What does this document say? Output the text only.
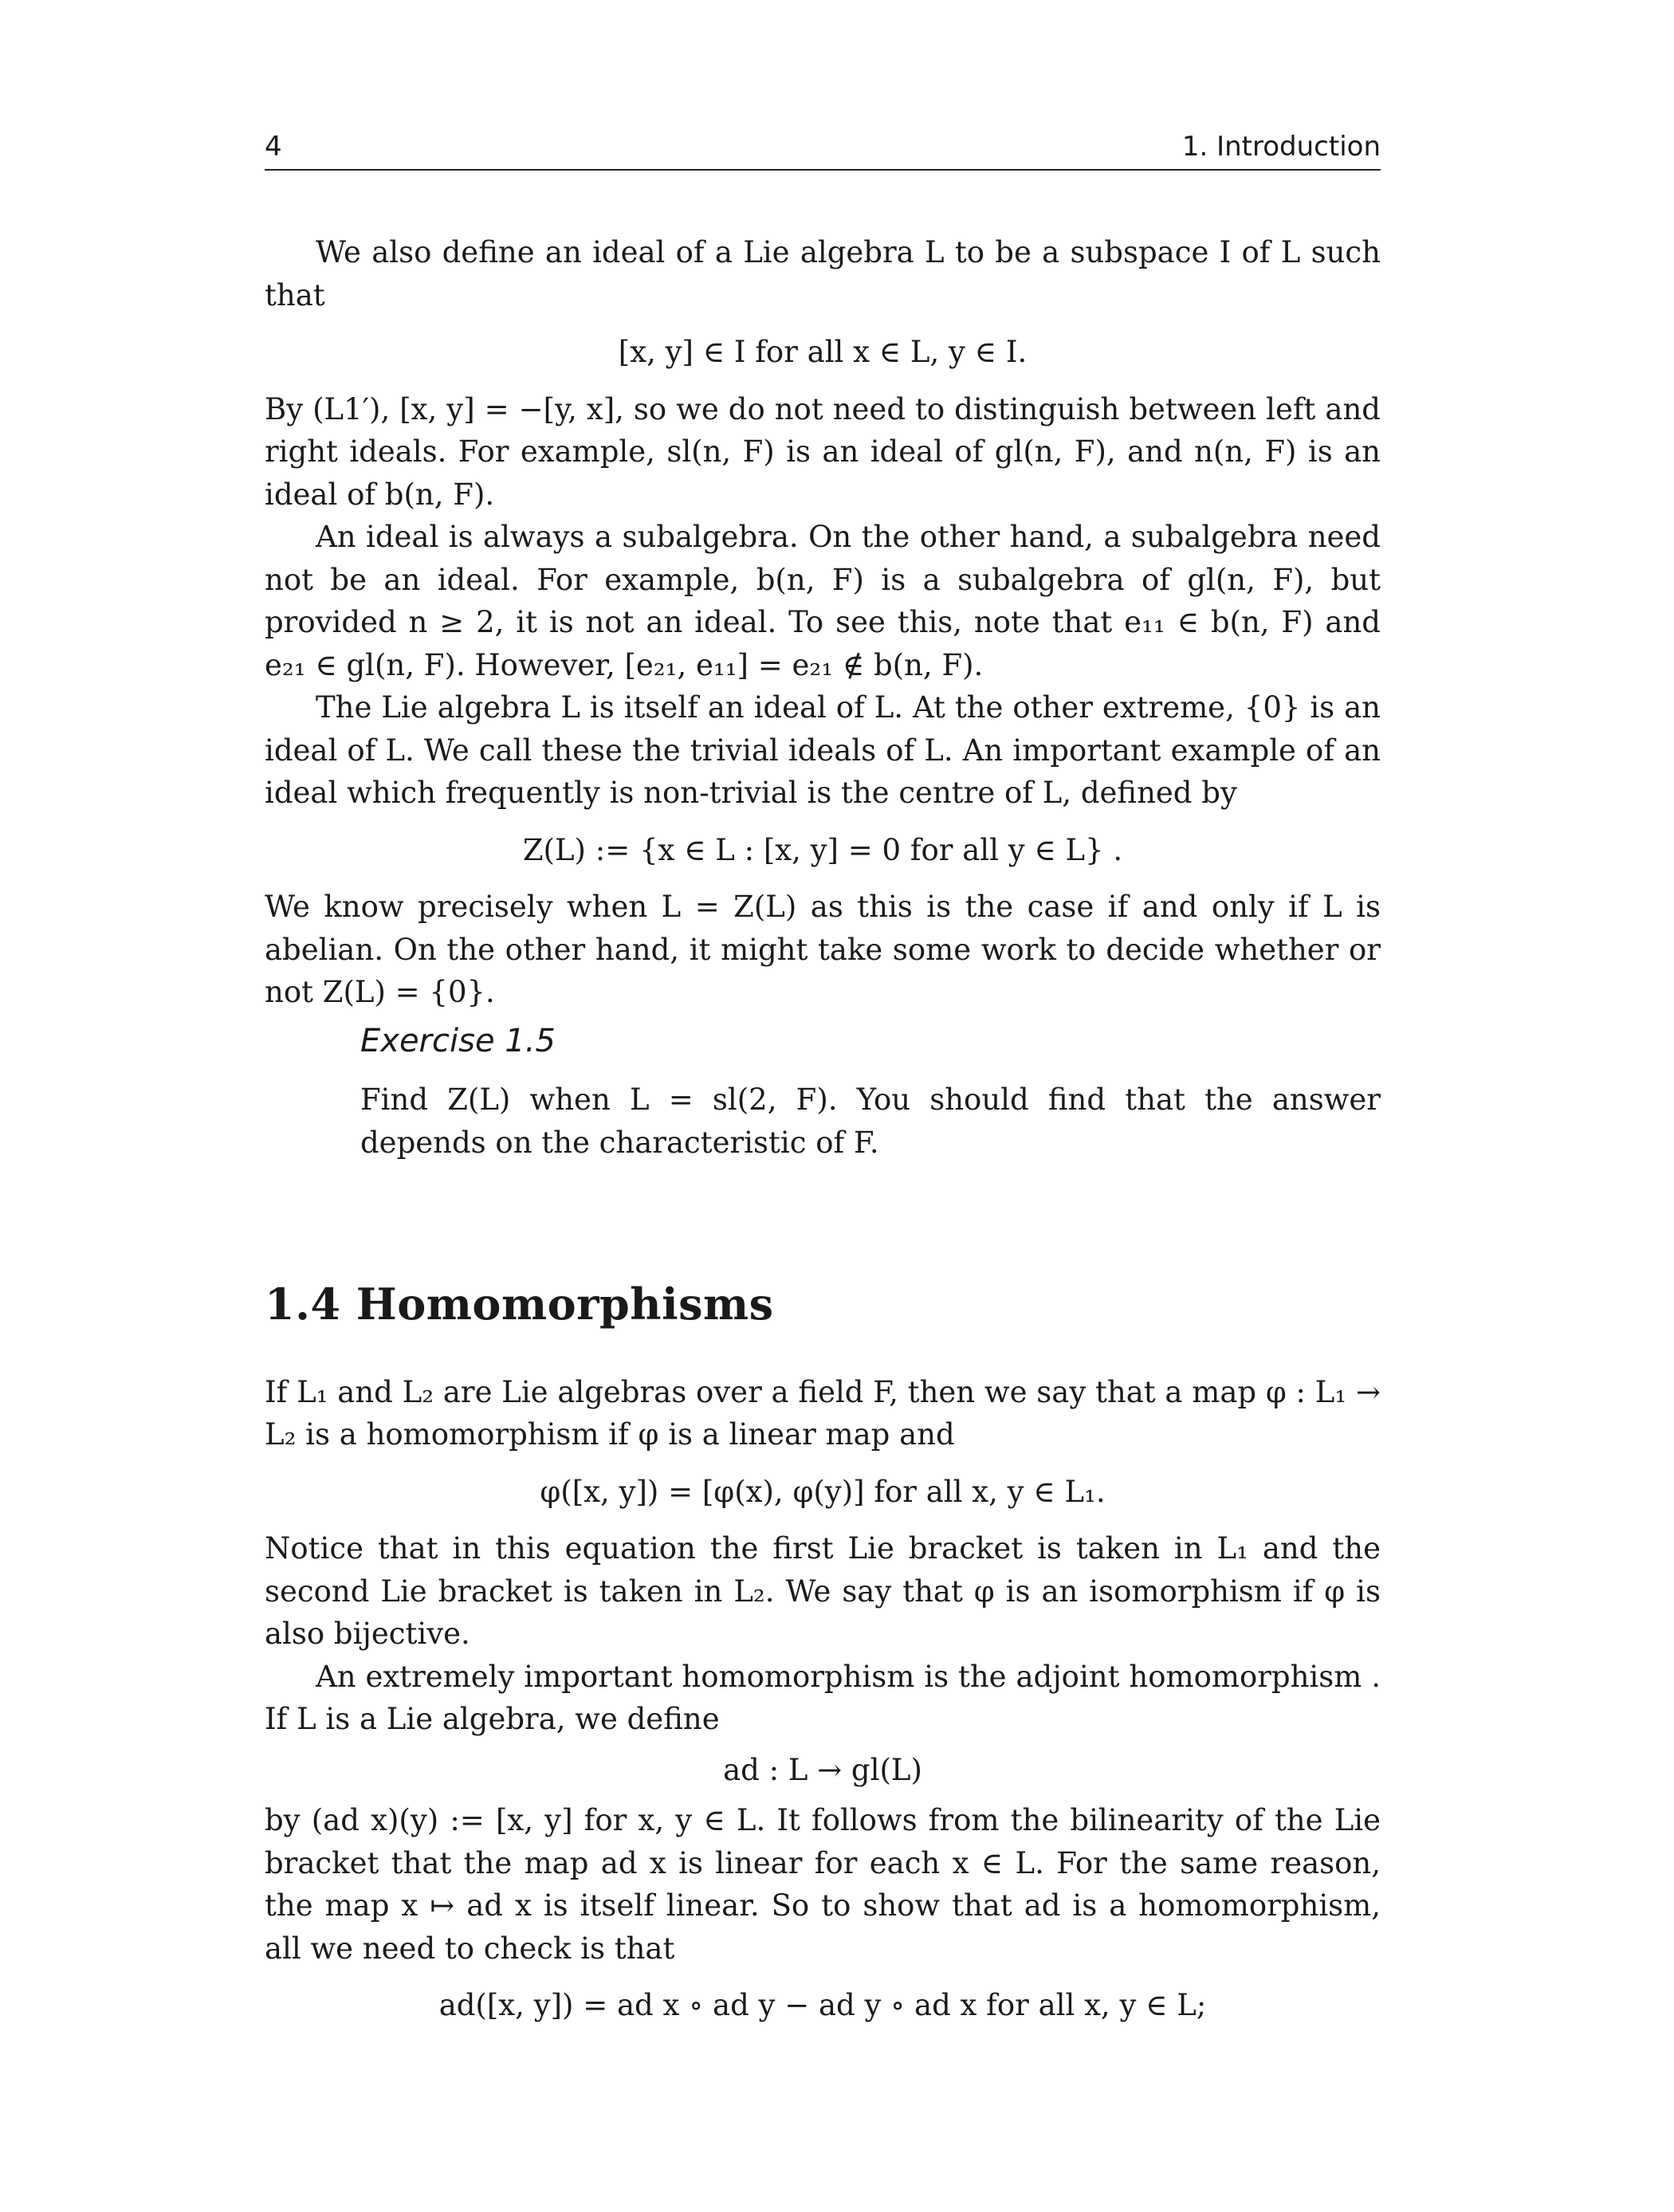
4	1. Introduction

We also define an ideal of a Lie algebra L to be a subspace I of L such that

[x, y] ∈ I for all x ∈ L, y ∈ I.

By (L1′), [x, y] = −[y, x], so we do not need to distinguish between left and right ideals. For example, sl(n, F) is an ideal of gl(n, F), and n(n, F) is an ideal of b(n, F).

An ideal is always a subalgebra. On the other hand, a subalgebra need not be an ideal. For example, b(n, F) is a subalgebra of gl(n, F), but provided n ≥ 2, it is not an ideal. To see this, note that e₁₁ ∈ b(n, F) and e₂₁ ∈ gl(n, F). However, [e₂₁, e₁₁] = e₂₁ ∉ b(n, F).

The Lie algebra L is itself an ideal of L. At the other extreme, {0} is an ideal of L. We call these the trivial ideals of L. An important example of an ideal which frequently is non-trivial is the centre of L, defined by

Z(L) := {x ∈ L : [x, y] = 0 for all y ∈ L} .

We know precisely when L = Z(L) as this is the case if and only if L is abelian. On the other hand, it might take some work to decide whether or not Z(L) = {0}.

Exercise 1.5

Find Z(L) when L = sl(2, F). You should find that the answer depends on the characteristic of F.

1.4 Homomorphisms

If L₁ and L₂ are Lie algebras over a field F, then we say that a map φ : L₁ → L₂ is a homomorphism if φ is a linear map and

φ([x, y]) = [φ(x), φ(y)] for all x, y ∈ L₁.

Notice that in this equation the first Lie bracket is taken in L₁ and the second Lie bracket is taken in L₂. We say that φ is an isomorphism if φ is also bijective.

An extremely important homomorphism is the adjoint homomorphism . If L is a Lie algebra, we define

ad : L → gl(L)

by (ad x)(y) := [x, y] for x, y ∈ L. It follows from the bilinearity of the Lie bracket that the map ad x is linear for each x ∈ L. For the same reason, the map x ↦ ad x is itself linear. So to show that ad is a homomorphism, all we need to check is that

ad([x, y]) = ad x ∘ ad y − ad y ∘ ad x for all x, y ∈ L;
